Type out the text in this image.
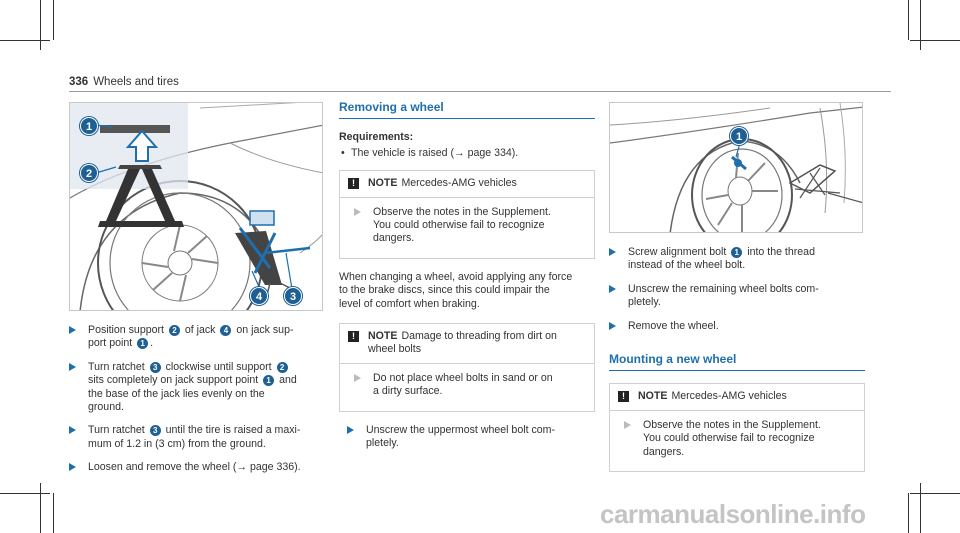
336 Wheels and tires
1
2
4	3
Position support 2 of jack 4 on jack sup-
port point 1 .
Turn ratchet 3 clockwise until support 2
sits completely on jack support point 1 and
the base of the jack lies evenly on the
ground.
Turn ratchet 3 until the tire is raised a maxi-
mum of 1.2 in (3 cm) from the ground.
Loosen and remove the wheel (→ page 336).
Removing a wheel
Requirements:
• The vehicle is raised (→ page 334).
!	NOTE Mercedes-AMG vehicles
Observe the notes in the Supplement.
You could otherwise fail to recognize
dangers.
When changing a wheel, avoid applying any force
to the brake discs, since this could impair the
level of comfort when braking.
!	NOTE Damage to threading from dirt on
wheel bolts
Do not place wheel bolts in sand or on
a dirty surface.
Unscrew the uppermost wheel bolt com-
pletely.
1
Screw alignment bolt 1 into the thread
instead of the wheel bolt.
Unscrew the remaining wheel bolts com-
pletely.
Remove the wheel.
Mounting a new wheel
!	NOTE Mercedes-AMG vehicles
Observe the notes in the Supplement.
You could otherwise fail to recognize
dangers.
carmanualsonline.info
